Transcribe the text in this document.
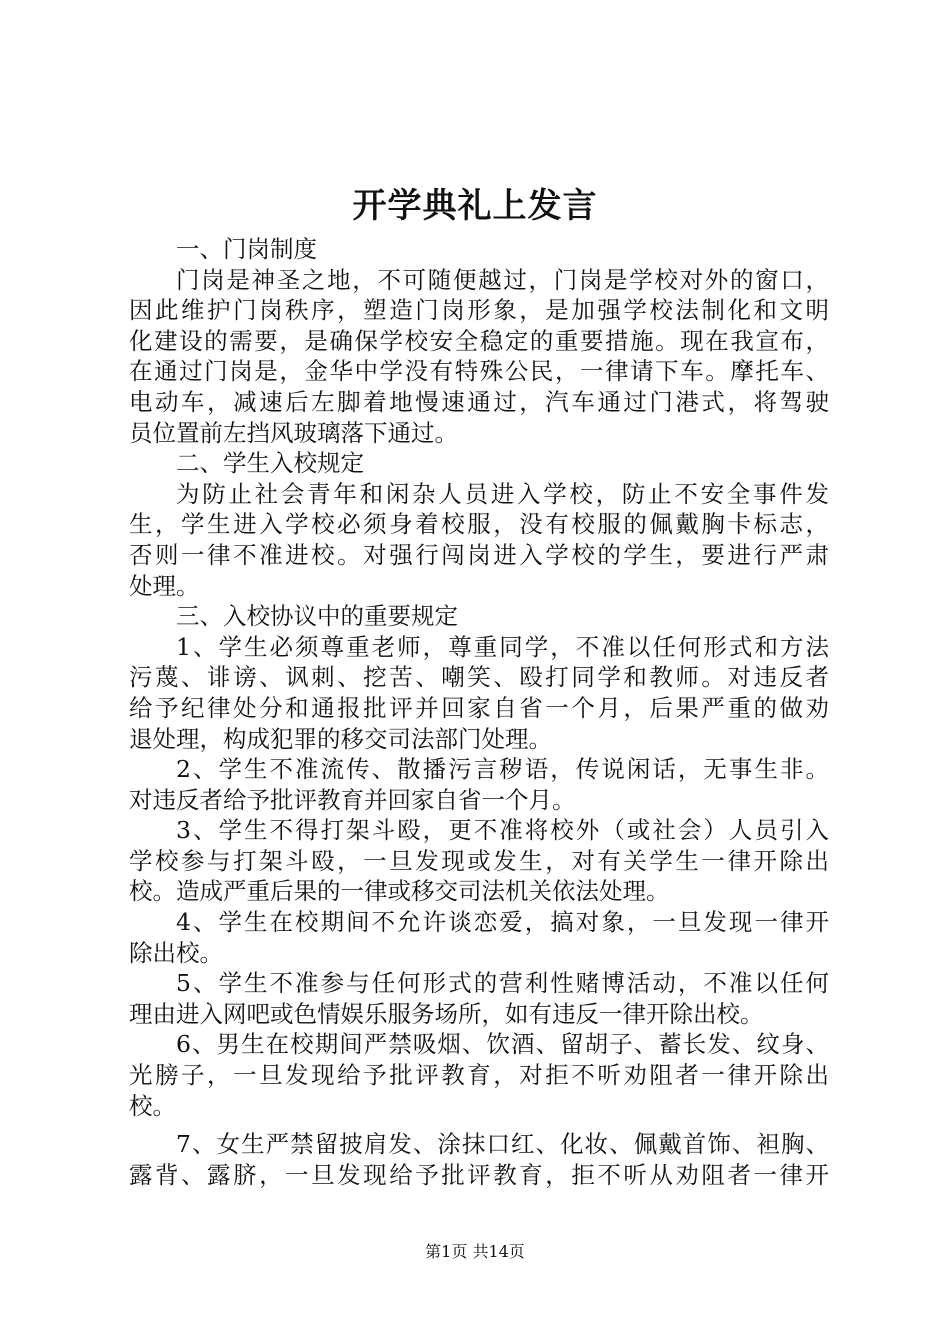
开学典礼上发言
一、门岗制度
门岗是神圣之地，不可随便越过，门岗是学校对外的窗口，
因此维护门岗秩序，塑造门岗形象，是加强学校法制化和文明
化建设的需要，是确保学校安全稳定的重要措施。现在我宣布，
在通过门岗是，金华中学没有特殊公民，一律请下车。摩托车、
电动车，减速后左脚着地慢速通过，汽车通过门港式，将驾驶
员位置前左挡风玻璃落下通过。
二、学生入校规定
为防止社会青年和闲杂人员进入学校，防止不安全事件发
生，学生进入学校必须身着校服，没有校服的佩戴胸卡标志，
否则一律不准进校。对强行闯岗进入学校的学生，要进行严肃
处理。
三、入校协议中的重要规定
1、学生必须尊重老师，尊重同学，不准以任何形式和方法
污蔑、诽谤、讽刺、挖苦、嘲笑、殴打同学和教师。对违反者
给予纪律处分和通报批评并回家自省一个月，后果严重的做劝
退处理，构成犯罪的移交司法部门处理。
2、学生不准流传、散播污言秽语，传说闲话，无事生非。
对违反者给予批评教育并回家自省一个月。
3、学生不得打架斗殴，更不准将校外（或社会）人员引入
学校参与打架斗殴，一旦发现或发生，对有关学生一律开除出
校。造成严重后果的一律或移交司法机关依法处理。
4、学生在校期间不允许谈恋爱，搞对象，一旦发现一律开
除出校。
5、学生不准参与任何形式的营利性赌博活动，不准以任何
理由进入网吧或色情娱乐服务场所，如有违反一律开除出校。
6、男生在校期间严禁吸烟、饮酒、留胡子、蓄长发、纹身、
光膀子，一旦发现给予批评教育，对拒不听劝阻者一律开除出
校。
7、女生严禁留披肩发、涂抹口红、化妆、佩戴首饰、袒胸、
露背、露脐，一旦发现给予批评教育，拒不听从劝阻者一律开
第1页 共14页
